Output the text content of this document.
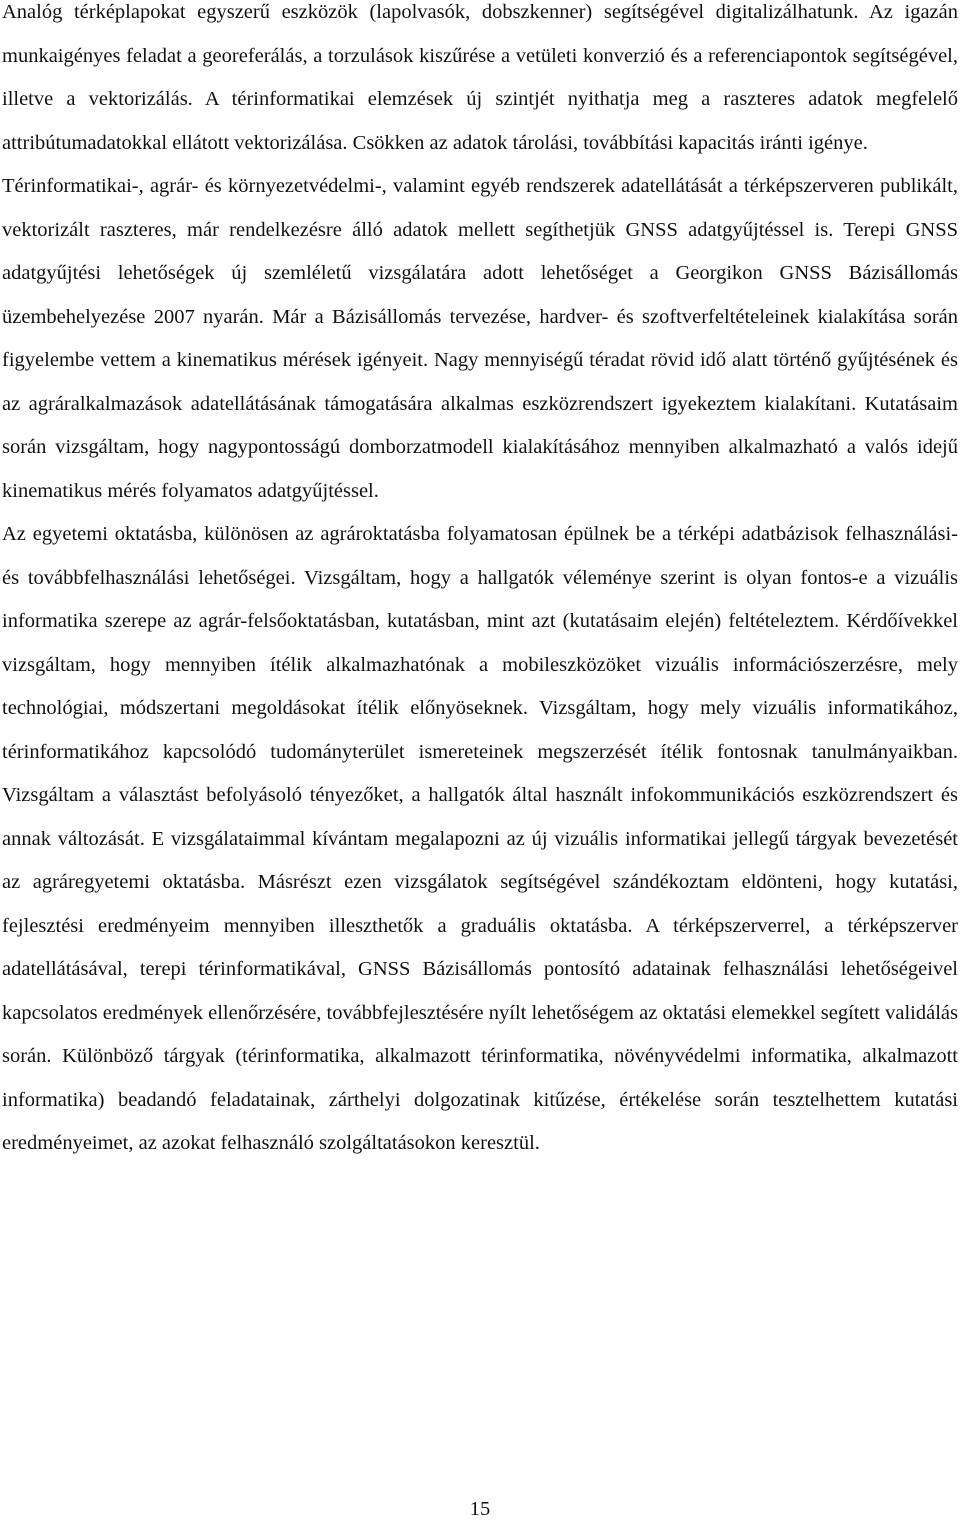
Analóg térképlapokat egyszerű eszközök (lapolvasók, dobszkenner) segítségével digitalizálhatunk. Az igazán munkaigényes feladat a georeferálás, a torzulások kiszűrése a vetületi konverzió és a referenciapontok segítségével, illetve a vektorizálás. A térinformatikai elemzések új szintjét nyithatja meg a raszteres adatok megfelelő attribútumadatokkal ellátott vektorizálása. Csökken az adatok tárolási, továbbítási kapacitás iránti igénye.

Térinformatikai-, agrár- és környezetvédelmi-, valamint egyéb rendszerek adatellátását a térképszerveren publikált, vektorizált raszteres, már rendelkezésre álló adatok mellett segíthetjük GNSS adatgyűjtéssel is. Terepi GNSS adatgyűjtési lehetőségek új szemléletű vizsgálatára adott lehetőséget a Georgikon GNSS Bázisállomás üzembehelyezése 2007 nyarán. Már a Bázisállomás tervezése, hardver- és szoftverfeltételeinek kialakítása során figyelembe vettem a kinematikus mérések igényeit. Nagy mennyiségű téradat rövid idő alatt történő gyűjtésének és az agráralkalmazások adatellátásának támogatására alkalmas eszközrendszert igyekeztem kialakítani. Kutatásaim során vizsgáltam, hogy nagypontosságú domborzatmodell kialakításához mennyiben alkalmazható a valós idejű kinematikus mérés folyamatos adatgyűjtéssel.

Az egyetemi oktatásba, különösen az agrároktatásba folyamatosan épülnek be a térképi adatbázisok felhasználási- és továbbfelhasználási lehetőségei. Vizsgáltam, hogy a hallgatók véleménye szerint is olyan fontos-e a vizuális informatika szerepe az agrár-felsőoktatásban, kutatásban, mint azt (kutatásaim elején) feltételeztem. Kérdőívekkel vizsgáltam, hogy mennyiben ítélik alkalmazhatónak a mobileszközöket vizuális információszerzésre, mely technológiai, módszertani megoldásokat ítélik előnyöseknek. Vizsgáltam, hogy mely vizuális informatikához, térinformatikához kapcsolódó tudományterület ismereteinek megszerzését ítélik fontosnak tanulmányaikban. Vizsgáltam a választást befolyásoló tényezőket, a hallgatók által használt infokommunikációs eszközrendszert és annak változását. E vizsgálataimmal kívántam megalapozni az új vizuális informatikai jellegű tárgyak bevezetését az agráregyetemi oktatásba. Másrészt ezen vizsgálatok segítségével szándékoztam eldönteni, hogy kutatási, fejlesztési eredményeim mennyiben illeszthetők a graduális oktatásba. A térképszerverrel, a térképszerver adatellátásával, terepi térinformatikával, GNSS Bázisállomás pontosító adatainak felhasználási lehetőségeivel kapcsolatos eredmények ellenőrzésére, továbbfejlesztésére nyílt lehetőségem az oktatási elemekkel segített validálás során. Különböző tárgyak (térinformatika, alkalmazott térinformatika, növényvédelmi informatika, alkalmazott informatika) beadandó feladatainak, zárthelyi dolgozatinak kitűzése, értékelése során tesztelhettem kutatási eredményeimet, az azokat felhasználó szolgáltatásokon keresztül.

15
